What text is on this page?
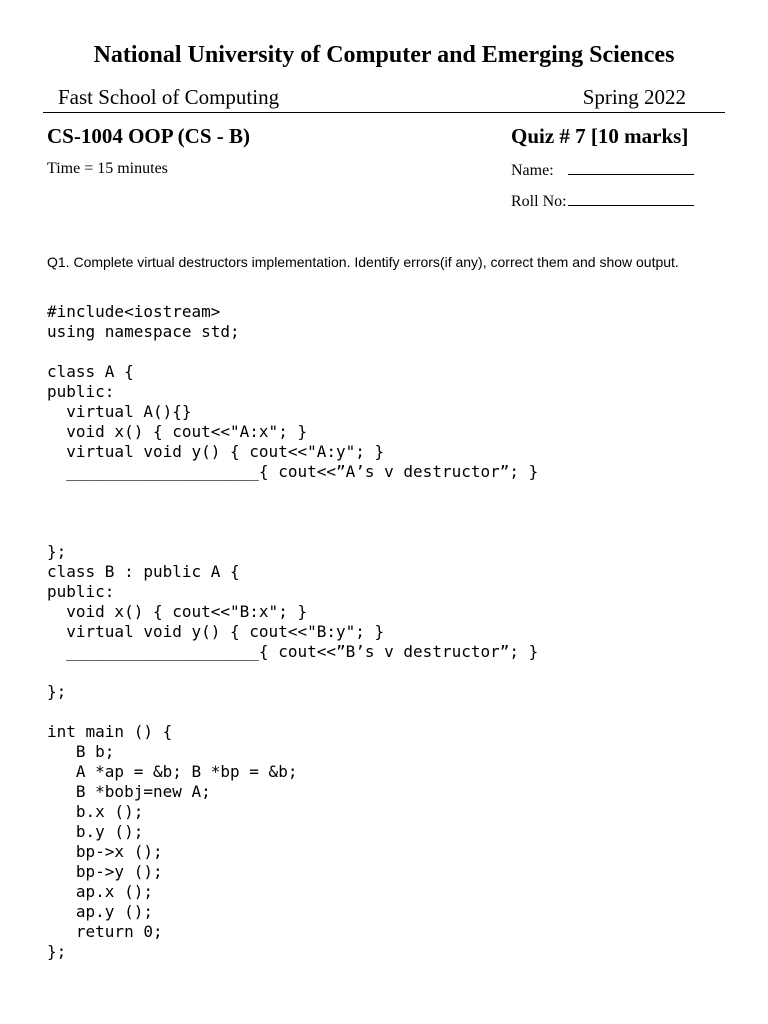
National University of Computer and Emerging Sciences
Fast School of Computing	Spring 2022
CS-1004 OOP (CS - B)	Quiz # 7 [10 marks]
Time = 15 minutes	Name:
Roll No:
Q1. Complete virtual destructors implementation. Identify errors(if any), correct them and show output.
#include<iostream>
using namespace std;
class A {
public:
virtual A(){}
void x() { cout<<"A:x"; }
virtual void y() { cout<<"A:y"; }
____________________{ cout<<”A’s v destructor”; }
};
class B : public A {
public:
void x() { cout<<"B:x"; }
virtual void y() { cout<<"B:y"; }
____________________{ cout<<”B’s v destructor”; }
};
int main () {
B b;
A *ap = &b; B *bp = &b;
B *bobj=new A;
b.x ();
b.y ();
bp->x ();
bp->y ();
ap.x ();
ap.y ();
return 0;
};
